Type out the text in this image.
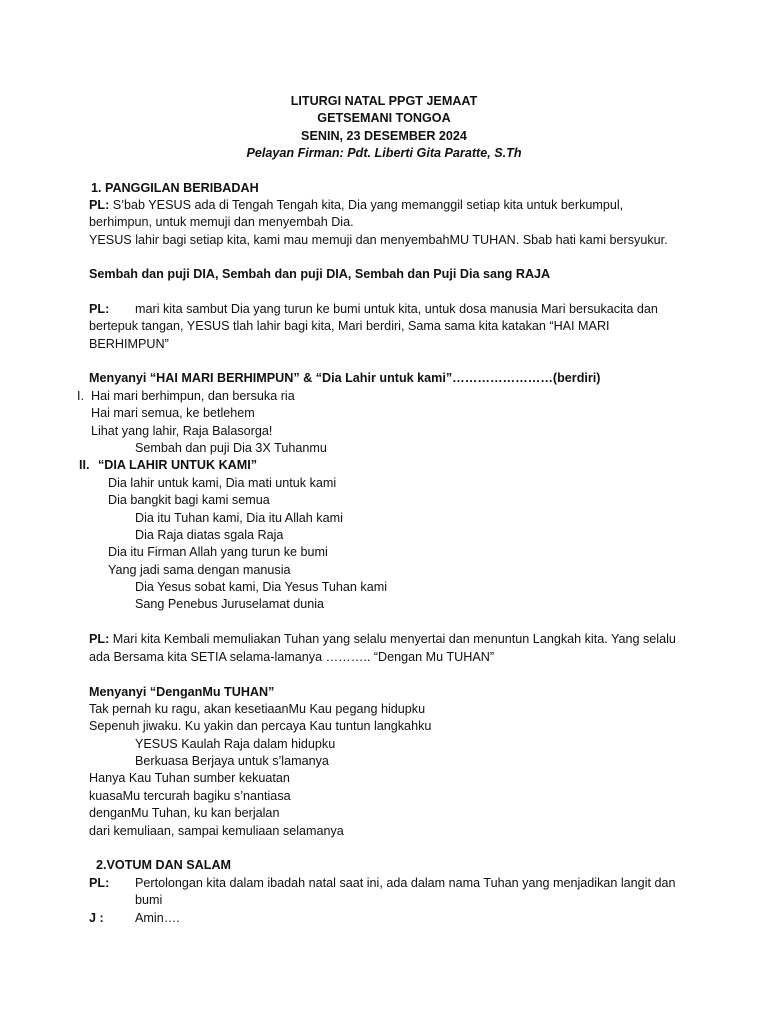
LITURGI NATAL PPGT JEMAAT
GETSEMANI TONGOA
SENIN, 23 DESEMBER 2024
Pelayan Firman: Pdt. Liberti Gita Paratte, S.Th
1. PANGGILAN BERIBADAH
PL: S’bab YESUS ada di Tengah Tengah kita, Dia yang memanggil setiap kita untuk berkumpul,
berhimpun, untuk memuji dan menyembah Dia.
YESUS lahir bagi setiap kita, kami mau memuji dan menyembahMU TUHAN. Sbab hati kami bersyukur.
Sembah dan puji DIA, Sembah dan puji DIA, Sembah dan Puji Dia sang RAJA
PL: mari kita sambut Dia yang turun ke bumi untuk kita, untuk dosa manusia Mari bersukacita dan
bertepuk tangan, YESUS tlah lahir bagi kita, Mari berdiri, Sama sama kita katakan “HAI MARI
BERHIMPUN”
Menyanyi “HAI MARI BERHIMPUN” & “Dia Lahir untuk kami”……………………(berdiri)
I. Hai mari berhimpun, dan bersuka ria
Hai mari semua, ke betlehem
Lihat yang lahir, Raja Balasorga!
Sembah dan puji Dia 3X Tuhanmu
II. “DIA LAHIR UNTUK KAMI”
Dia lahir untuk kami, Dia mati untuk kami
Dia bangkit bagi kami semua
Dia itu Tuhan kami, Dia itu Allah kami
Dia Raja diatas sgala Raja
Dia itu Firman Allah yang turun ke bumi
Yang jadi sama dengan manusia
Dia Yesus sobat kami, Dia Yesus Tuhan kami
Sang Penebus Juruselamat dunia
PL: Mari kita Kembali memuliakan Tuhan yang selalu menyertai dan menuntun Langkah kita. Yang selalu
ada Bersama kita SETIA selama-lamanya ……….. “Dengan Mu TUHAN”
Menyanyi “DenganMu TUHAN”
Tak pernah ku ragu, akan kesetiaanMu Kau pegang hidupku
Sepenuh jiwaku. Ku yakin dan percaya Kau tuntun langkahku
YESUS Kaulah Raja dalam hidupku
Berkuasa Berjaya untuk s’lamanya
Hanya Kau Tuhan sumber kekuatan
kuasaMu tercurah bagiku s’nantiasa
denganMu Tuhan, ku kan berjalan
dari kemuliaan, sampai kemuliaan selamanya
2.VOTUM DAN SALAM
PL: Pertolongan kita dalam ibadah natal saat ini, ada dalam nama Tuhan yang menjadikan langit dan
bumi
J : Amin….
